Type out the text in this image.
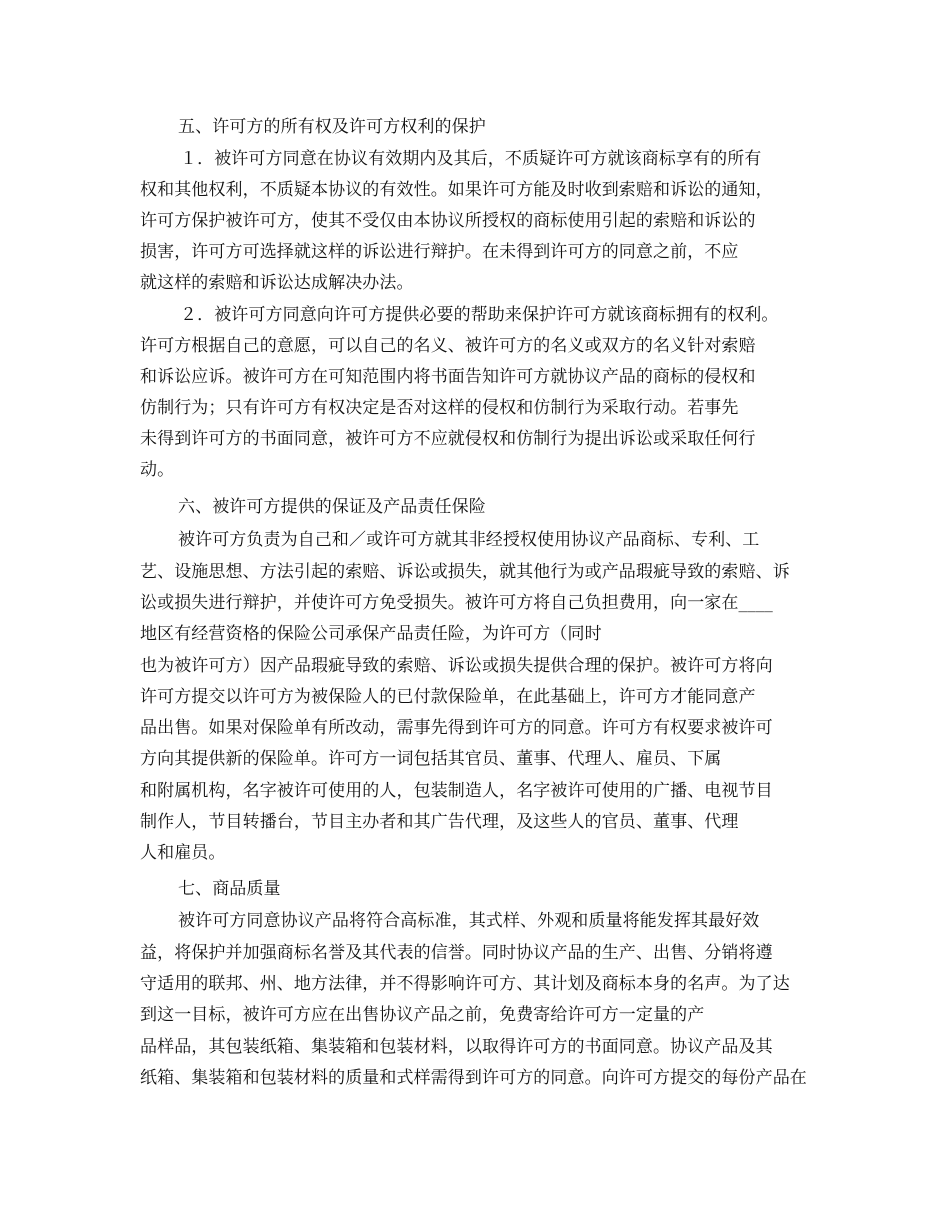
五、许可方的所有权及许可方权利的保护
１．被许可方同意在协议有效期内及其后，不质疑许可方就该商标享有的所有
权和其他权利，不质疑本协议的有效性。如果许可方能及时收到索赔和诉讼的通知，
许可方保护被许可方，使其不受仅由本协议所授权的商标使用引起的索赔和诉讼的
损害，许可方可选择就这样的诉讼进行辩护。在未得到许可方的同意之前，不应
就这样的索赔和诉讼达成解决办法。
２．被许可方同意向许可方提供必要的帮助来保护许可方就该商标拥有的权利。
许可方根据自己的意愿，可以自己的名义、被许可方的名义或双方的名义针对索赔
和诉讼应诉。被许可方在可知范围内将书面告知许可方就协议产品的商标的侵权和
仿制行为；只有许可方有权决定是否对这样的侵权和仿制行为采取行动。若事先
未得到许可方的书面同意，被许可方不应就侵权和仿制行为提出诉讼或采取任何行
动。
六、被许可方提供的保证及产品责任保险
被许可方负责为自己和／或许可方就其非经授权使用协议产品商标、专利、工
艺、设施思想、方法引起的索赔、诉讼或损失，就其他行为或产品瑕疵导致的索赔、诉
讼或损失进行辩护，并使许可方免受损失。被许可方将自己负担费用，向一家在____
地区有经营资格的保险公司承保产品责任险，为许可方（同时
也为被许可方）因产品瑕疵导致的索赔、诉讼或损失提供合理的保护。被许可方将向
许可方提交以许可方为被保险人的已付款保险单，在此基础上，许可方才能同意产
品出售。如果对保险单有所改动，需事先得到许可方的同意。许可方有权要求被许可
方向其提供新的保险单。许可方一词包括其官员、董事、代理人、雇员、下属
和附属机构，名字被许可使用的人，包装制造人，名字被许可使用的广播、电视节目
制作人，节目转播台，节目主办者和其广告代理，及这些人的官员、董事、代理
人和雇员。
七、商品质量
被许可方同意协议产品将符合高标准，其式样、外观和质量将能发挥其最好效
益，将保护并加强商标名誉及其代表的信誉。同时协议产品的生产、出售、分销将遵
守适用的联邦、州、地方法律，并不得影响许可方、其计划及商标本身的名声。为了达
到这一目标，被许可方应在出售协议产品之前，免费寄给许可方一定量的产
品样品，其包装纸箱、集装箱和包装材料，以取得许可方的书面同意。协议产品及其
纸箱、集装箱和包装材料的质量和式样需得到许可方的同意。向许可方提交的每份产品在
